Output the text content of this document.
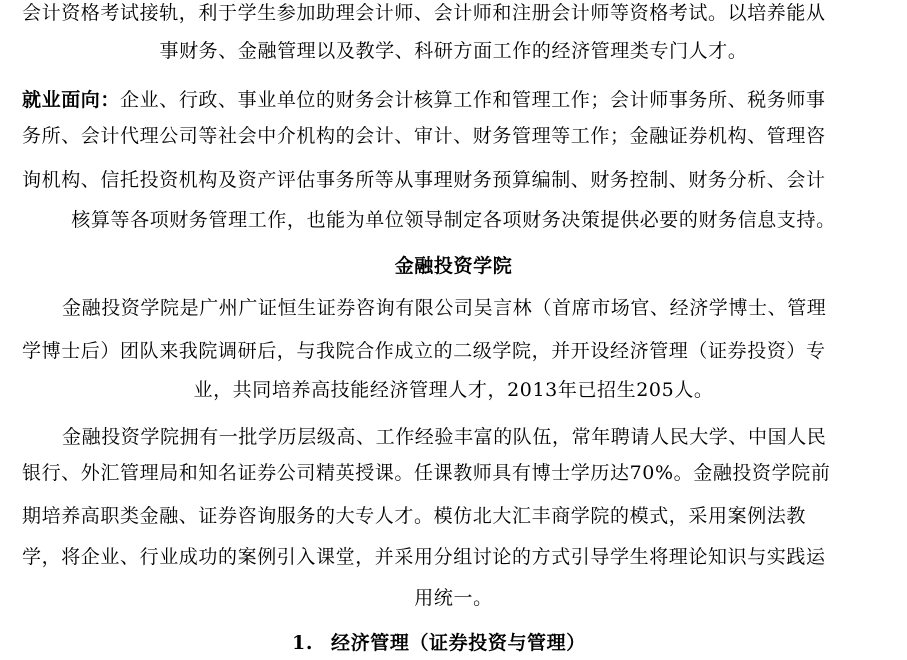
会计资格考试接轨，利于学生参加助理会计师、会计师和注册会计师等资格考试。以培养能从
事财务、金融管理以及教学、科研方面工作的经济管理类专门人才。
就业面向：企业、行政、事业单位的财务会计核算工作和管理工作；会计师事务所、税务师事
务所、会计代理公司等社会中介机构的会计、审计、财务管理等工作；金融证券机构、管理咨
询机构、信托投资机构及资产评估事务所等从事理财务预算编制、财务控制、财务分析、会计
核算等各项财务管理工作，也能为单位领导制定各项财务决策提供必要的财务信息支持。
金融投资学院
金融投资学院是广州广证恒生证券咨询有限公司吴言林（首席市场官、经济学博士、管理
学博士后）团队来我院调研后，与我院合作成立的二级学院，并开设经济管理（证券投资）专
业，共同培养高技能经济管理人才，2013年已招生205人。
金融投资学院拥有一批学历层级高、工作经验丰富的队伍，常年聘请人民大学、中国人民
银行、外汇管理局和知名证券公司精英授课。任课教师具有博士学历达70%。金融投资学院前
期培养高职类金融、证券咨询服务的大专人才。模仿北大汇丰商学院的模式，采用案例法教
学，将企业、行业成功的案例引入课堂，并采用分组讨论的方式引导学生将理论知识与实践运
用统一。
1. 经济管理（证券投资与管理）
